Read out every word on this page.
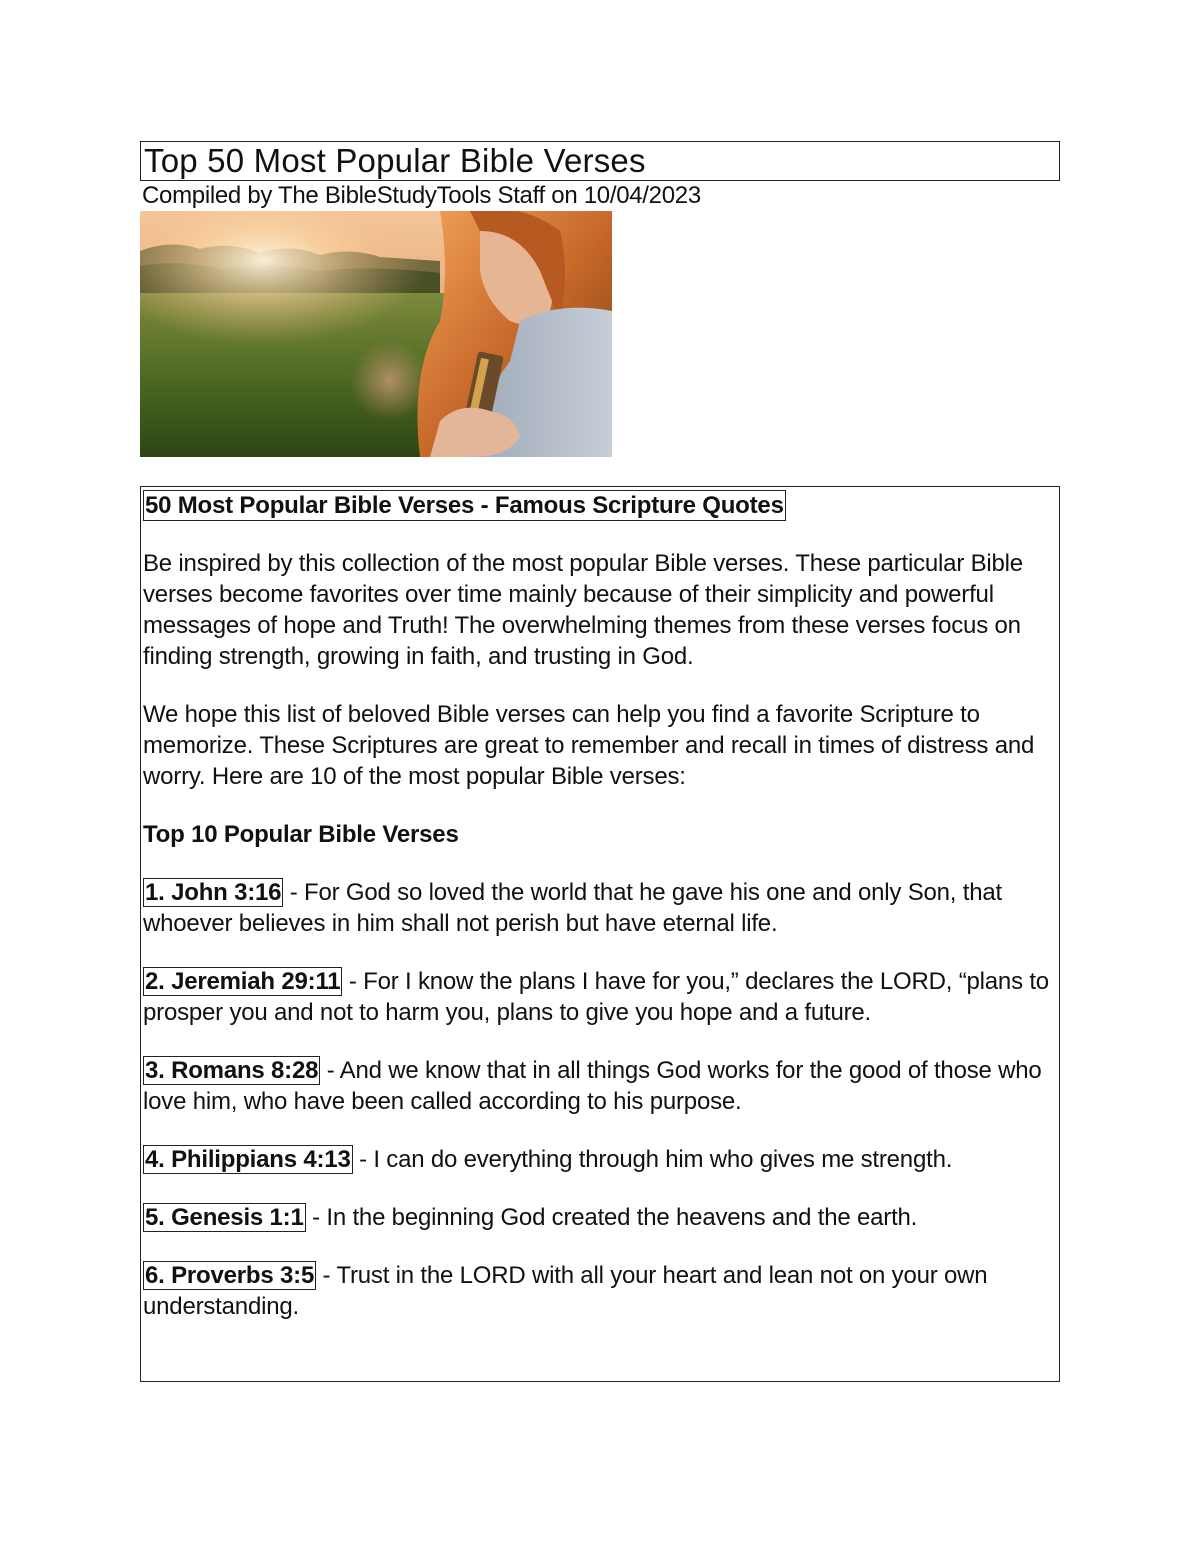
Top 50 Most Popular Bible Verses
Compiled by The BibleStudyTools Staff on 10/04/2023
50 Most Popular Bible Verses - Famous Scripture Quotes

Be inspired by this collection of the most popular Bible verses. These particular Bible verses become favorites over time mainly because of their simplicity and powerful messages of hope and Truth! The overwhelming themes from these verses focus on finding strength, growing in faith, and trusting in God.

We hope this list of beloved Bible verses can help you find a favorite Scripture to memorize. These Scriptures are great to remember and recall in times of distress and worry. Here are 10 of the most popular Bible verses:

Top 10 Popular Bible Verses

1. John 3:16 - For God so loved the world that he gave his one and only Son, that whoever believes in him shall not perish but have eternal life.

2. Jeremiah 29:11 - For I know the plans I have for you,” declares the LORD, “plans to prosper you and not to harm you, plans to give you hope and a future.

3. Romans 8:28 - And we know that in all things God works for the good of those who love him, who have been called according to his purpose.

4. Philippians 4:13 - I can do everything through him who gives me strength.

5. Genesis 1:1 - In the beginning God created the heavens and the earth.

6. Proverbs 3:5 - Trust in the LORD with all your heart and lean not on your own understanding.
